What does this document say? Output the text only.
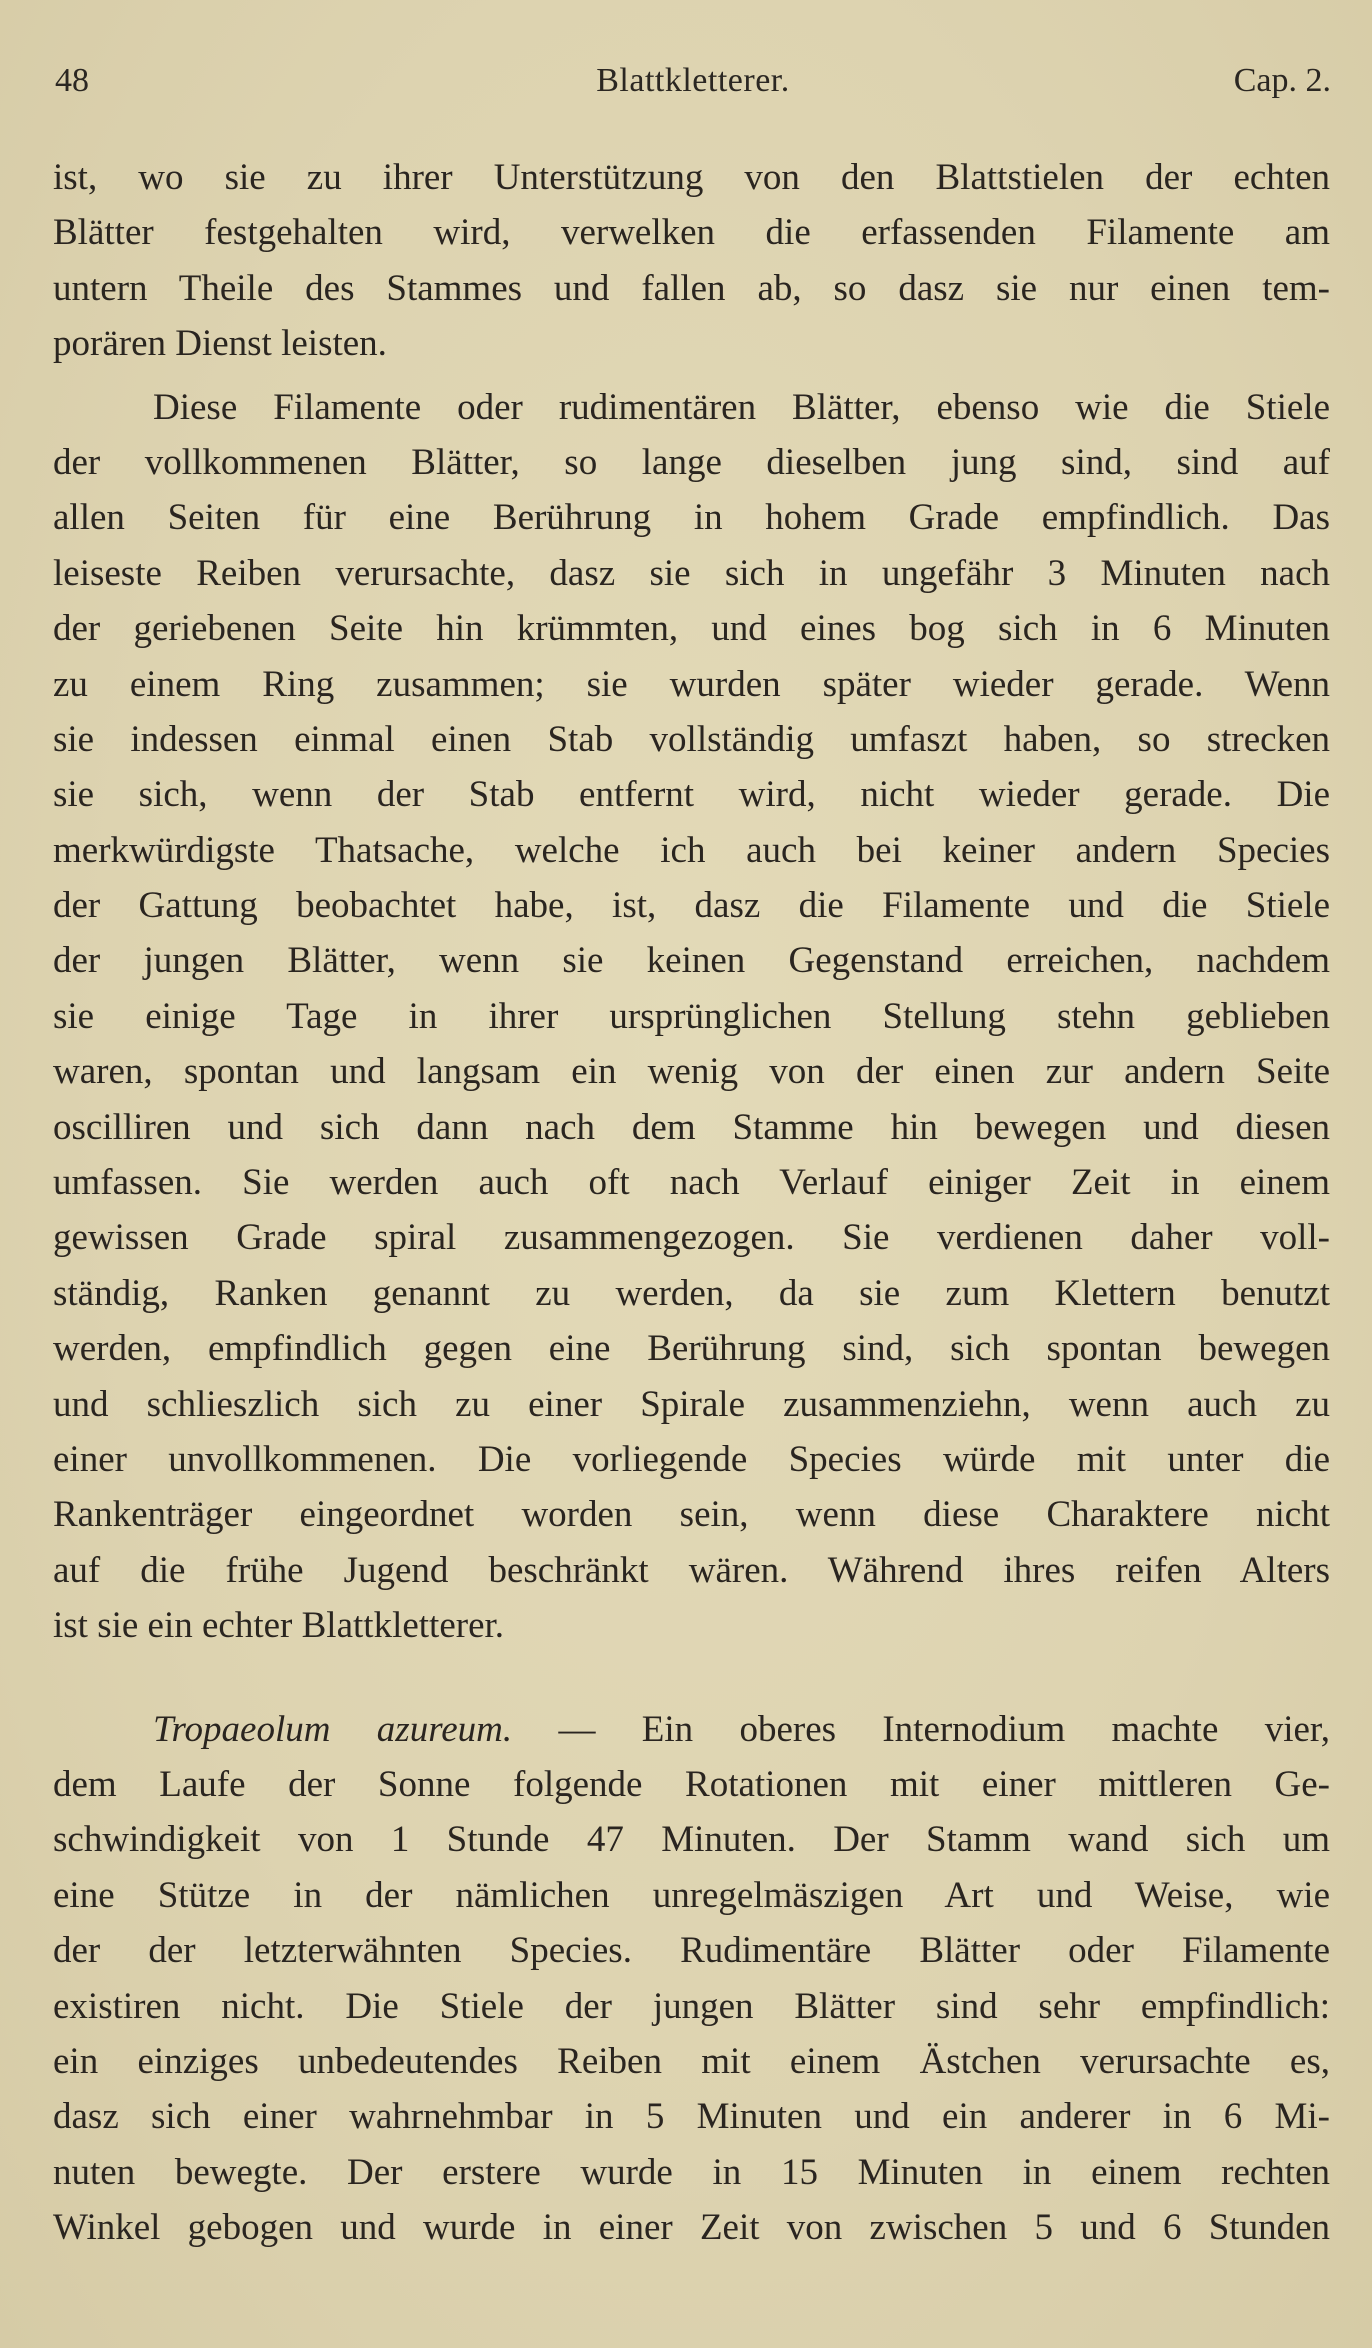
48	Blattkletterer.	Cap. 2.
ist, wo sie zu ihrer Unterstützung von den Blattstielen der echten
Blätter festgehalten wird, verwelken die erfassenden Filamente am
untern Theile des Stammes und fallen ab, so dasz sie nur einen tem-
porären Dienst leisten.
Diese Filamente oder rudimentären Blätter, ebenso wie die Stiele
der vollkommenen Blätter, so lange dieselben jung sind, sind auf
allen Seiten für eine Berührung in hohem Grade empfindlich. Das
leiseste Reiben verursachte, dasz sie sich in ungefähr 3 Minuten nach
der geriebenen Seite hin krümmten, und eines bog sich in 6 Minuten
zu einem Ring zusammen; sie wurden später wieder gerade. Wenn
sie indessen einmal einen Stab vollständig umfaszt haben, so strecken
sie sich, wenn der Stab entfernt wird, nicht wieder gerade. Die
merkwürdigste Thatsache, welche ich auch bei keiner andern Species
der Gattung beobachtet habe, ist, dasz die Filamente und die Stiele
der jungen Blätter, wenn sie keinen Gegenstand erreichen, nachdem
sie einige Tage in ihrer ursprünglichen Stellung stehn geblieben
waren, spontan und langsam ein wenig von der einen zur andern Seite
oscilliren und sich dann nach dem Stamme hin bewegen und diesen
umfassen. Sie werden auch oft nach Verlauf einiger Zeit in einem
gewissen Grade spiral zusammengezogen. Sie verdienen daher voll-
ständig, Ranken genannt zu werden, da sie zum Klettern benutzt
werden, empfindlich gegen eine Berührung sind, sich spontan bewegen
und schlieszlich sich zu einer Spirale zusammenziehn, wenn auch zu
einer unvollkommenen. Die vorliegende Species würde mit unter die
Rankenträger eingeordnet worden sein, wenn diese Charaktere nicht
auf die frühe Jugend beschränkt wären. Während ihres reifen Alters
ist sie ein echter Blattkletterer.
Tropaeolum azureum. — Ein oberes Internodium machte vier,
dem Laufe der Sonne folgende Rotationen mit einer mittleren Ge-
schwindigkeit von 1 Stunde 47 Minuten. Der Stamm wand sich um
eine Stütze in der nämlichen unregelmäszigen Art und Weise, wie
der der letzterwähnten Species. Rudimentäre Blätter oder Filamente
existiren nicht. Die Stiele der jungen Blätter sind sehr empfindlich:
ein einziges unbedeutendes Reiben mit einem Ästchen verursachte es,
dasz sich einer wahrnehmbar in 5 Minuten und ein anderer in 6 Mi-
nuten bewegte. Der erstere wurde in 15 Minuten in einem rechten
Winkel gebogen und wurde in einer Zeit von zwischen 5 und 6 Stunden
